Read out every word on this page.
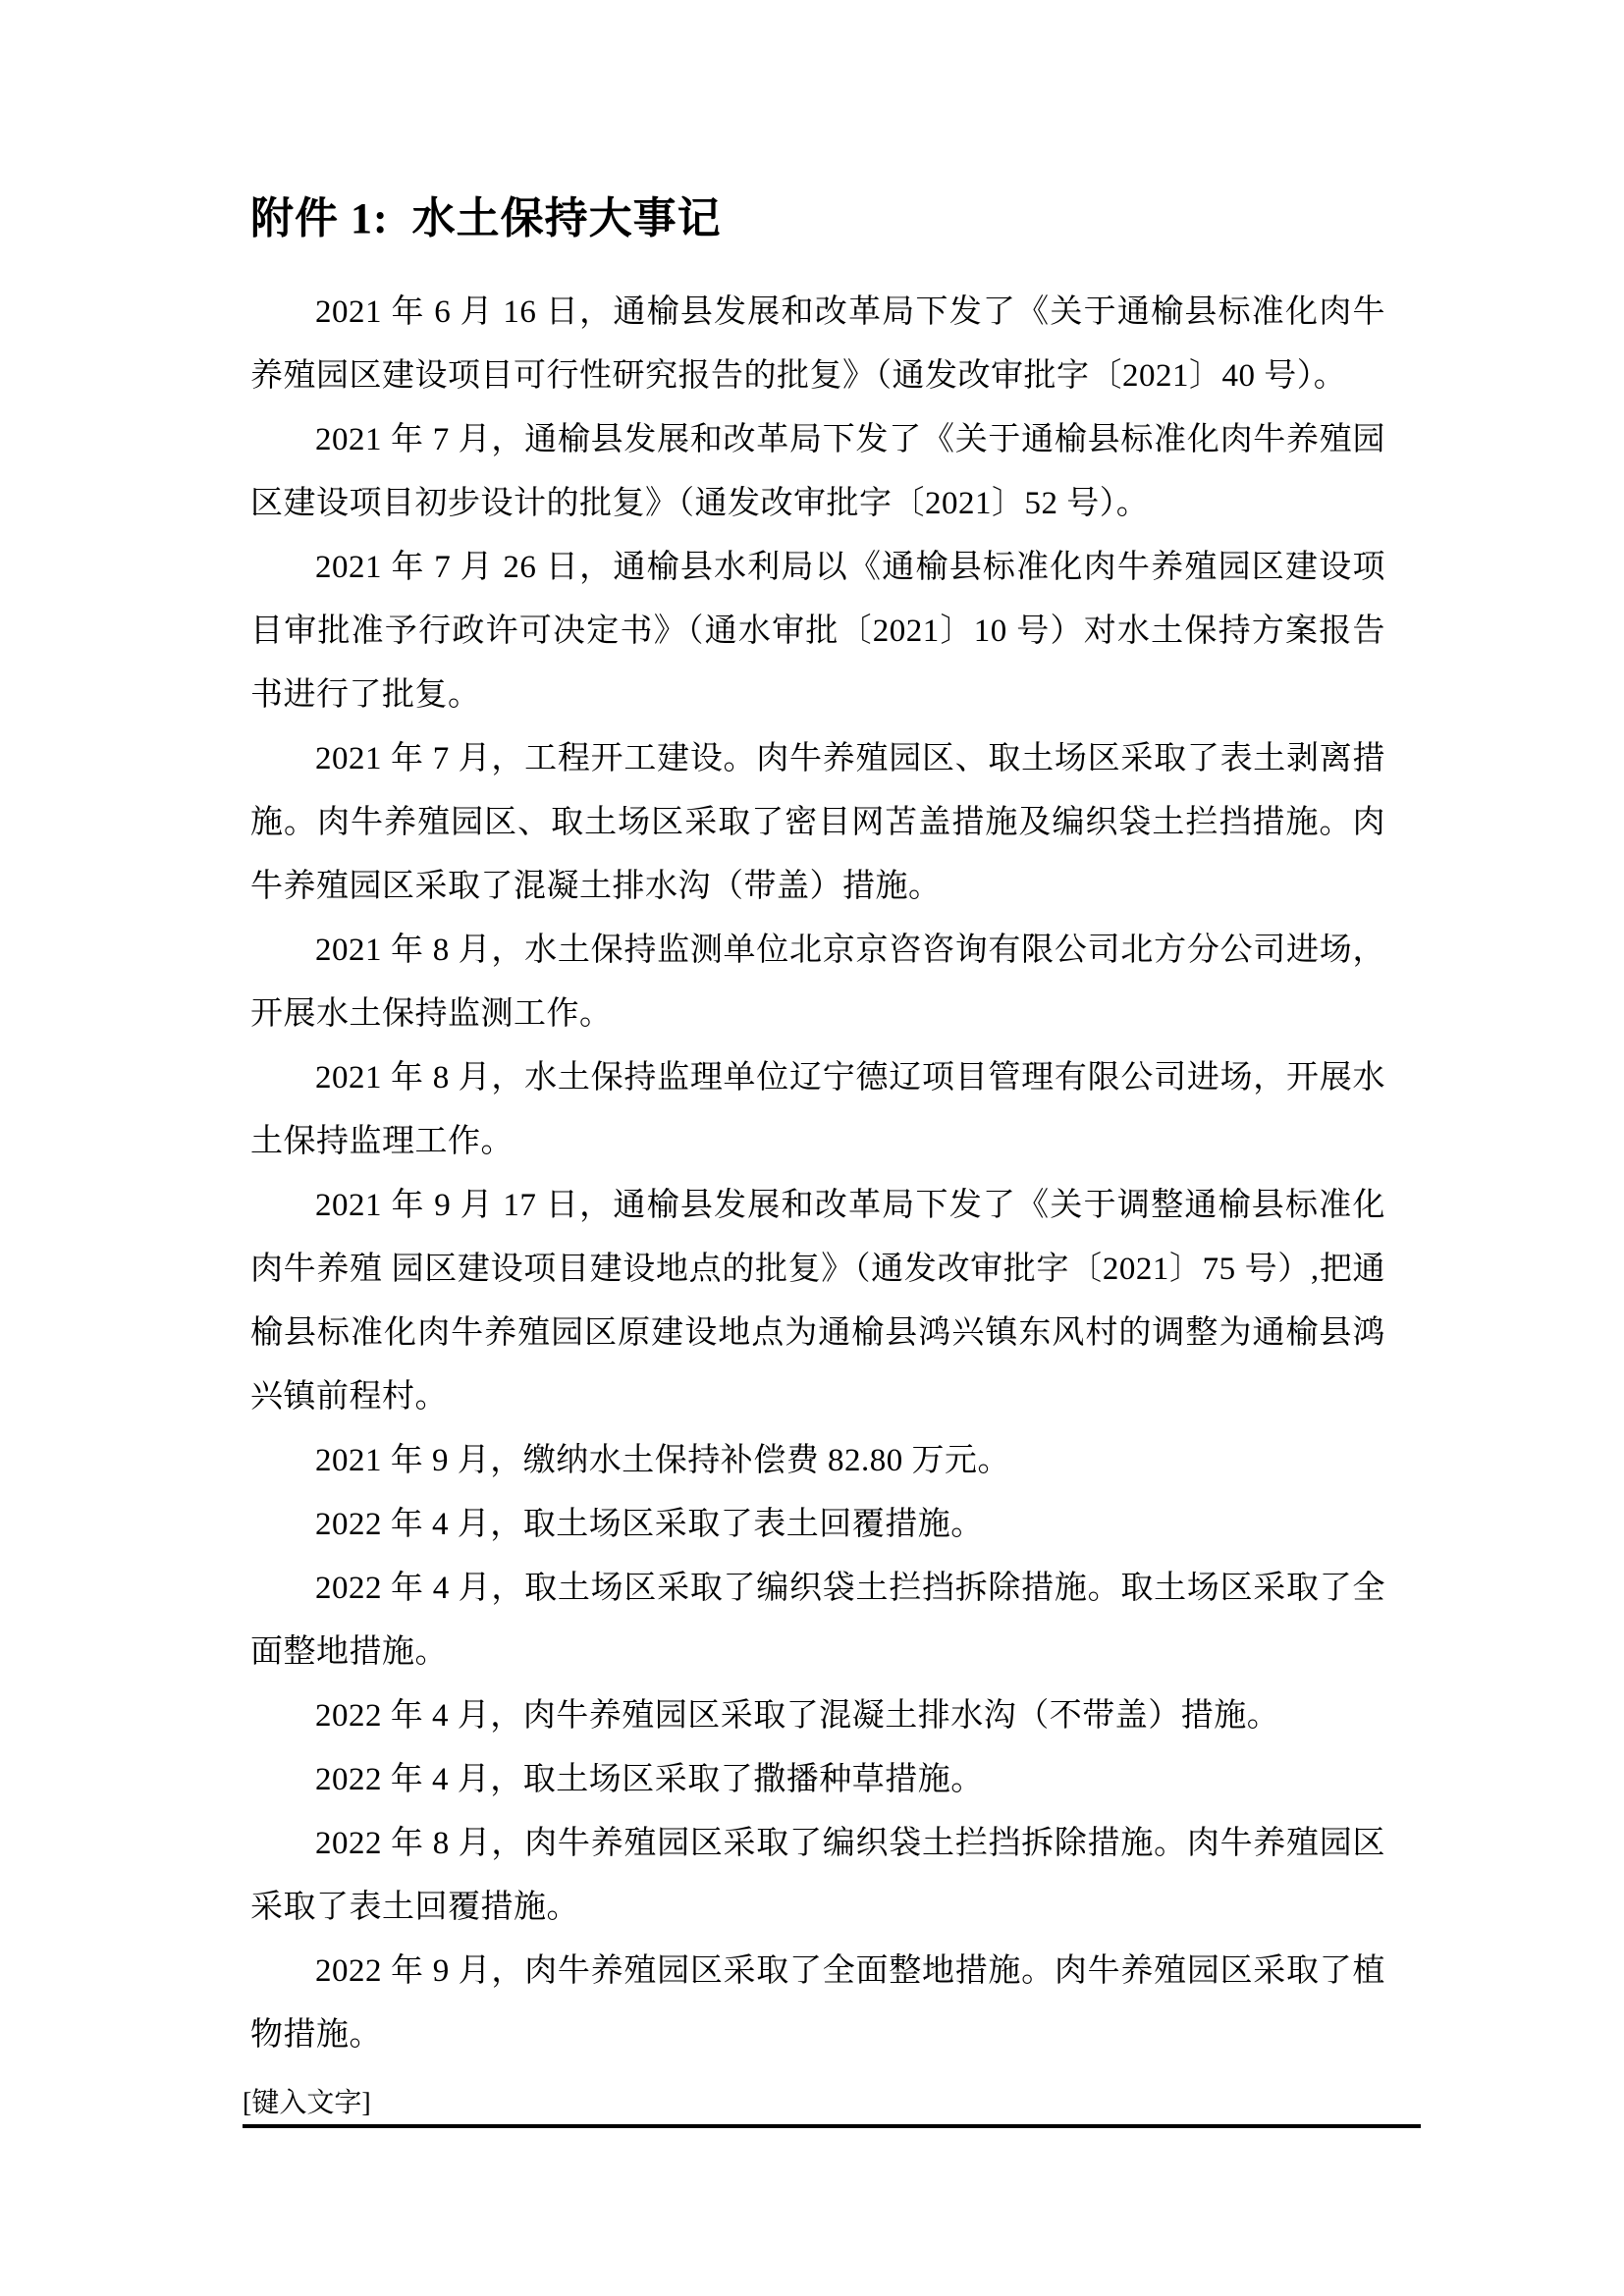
附件 1:  水土保持大事记

2021 年 6 月 16 日，通榆县发展和改革局下发了《关于通榆县标准化肉牛养殖园区建设项目可行性研究报告的批复》（通发改审批字〔2021〕40 号）。

2021 年 7 月，通榆县发展和改革局下发了《关于通榆县标准化肉牛养殖园区建设项目初步设计的批复》（通发改审批字〔2021〕52 号）。

2021 年 7 月 26 日，通榆县水利局以《通榆县标准化肉牛养殖园区建设项目审批准予行政许可决定书》（通水审批〔2021〕10 号）对水土保持方案报告书进行了批复。

2021 年 7 月，工程开工建设。肉牛养殖园区、取土场区采取了表土剥离措施。肉牛养殖园区、取土场区采取了密目网苫盖措施及编织袋土拦挡措施。肉牛养殖园区采取了混凝土排水沟（带盖）措施。

2021 年 8 月，水土保持监测单位北京京咨咨询有限公司北方分公司进场，开展水土保持监测工作。

2021 年 8 月，水土保持监理单位辽宁德辽项目管理有限公司进场，开展水土保持监理工作。

2021 年 9 月 17 日，通榆县发展和改革局下发了《关于调整通榆县标准化肉牛养殖 园区建设项目建设地点的批复》（通发改审批字〔2021〕75 号）,把通榆县标准化肉牛养殖园区原建设地点为通榆县鸿兴镇东风村的调整为通榆县鸿兴镇前程村。

2021 年 9 月，缴纳水土保持补偿费 82.80 万元。

2022 年 4 月，取土场区采取了表土回覆措施。

2022 年 4 月，取土场区采取了编织袋土拦挡拆除措施。取土场区采取了全面整地措施。

2022 年 4 月，肉牛养殖园区采取了混凝土排水沟（不带盖）措施。

2022 年 4 月，取土场区采取了撒播种草措施。

2022 年 8 月，肉牛养殖园区采取了编织袋土拦挡拆除措施。肉牛养殖园区采取了表土回覆措施。

2022 年 9 月，肉牛养殖园区采取了全面整地措施。肉牛养殖园区采取了植物措施。

[键入文字]
